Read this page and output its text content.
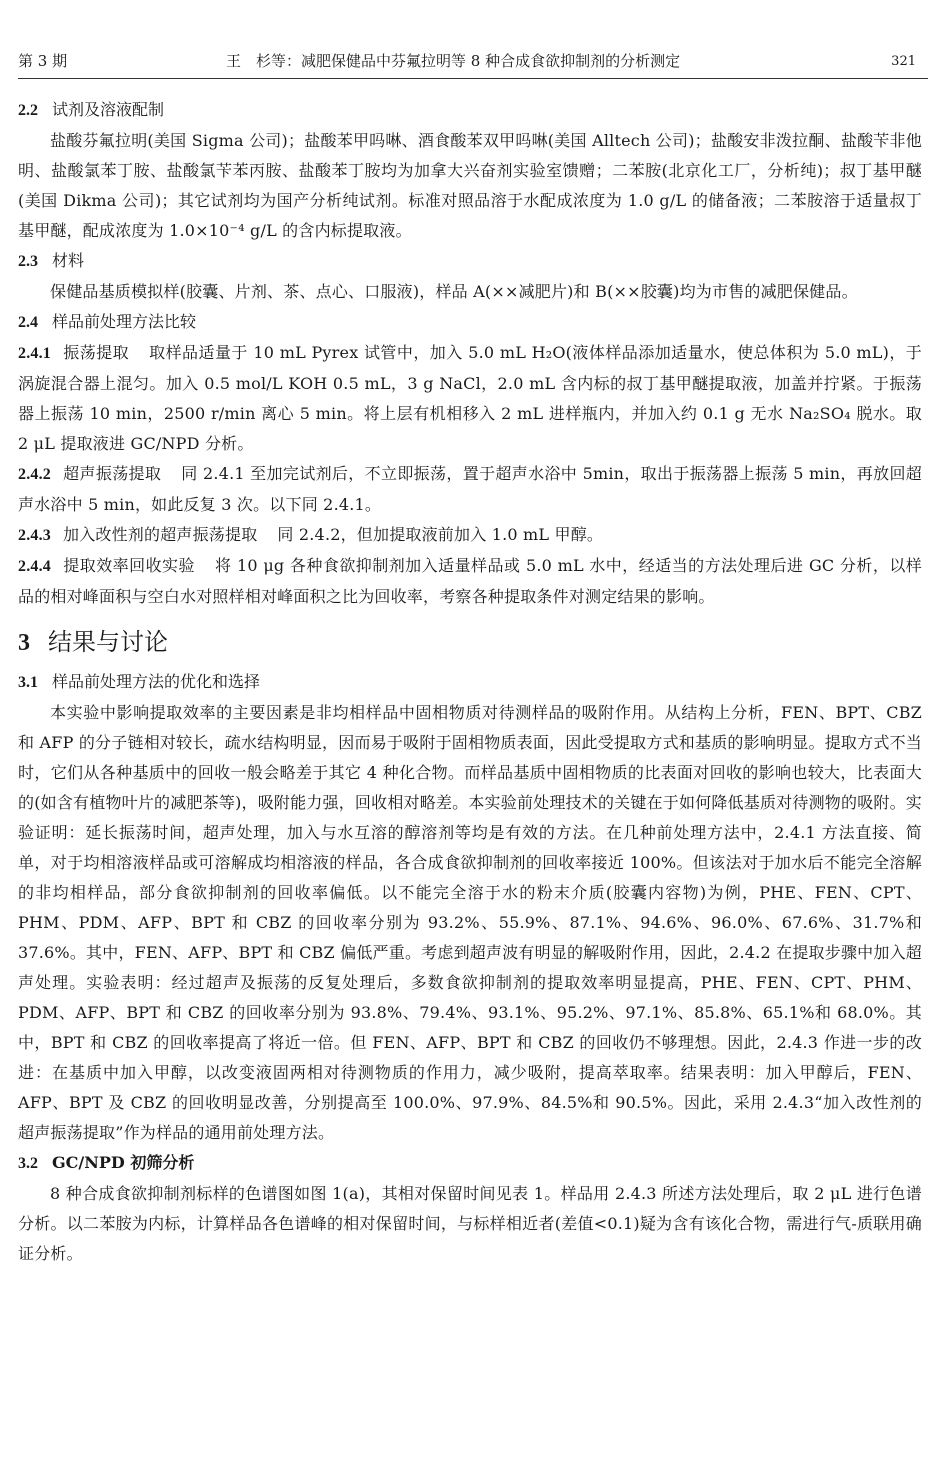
第 3 期	王　杉等：减肥保健品中芬氟拉明等 8 种合成食欲抑制剂的分析测定	321
2.2 试剂及溶液配制

盐酸芬氟拉明(美国 Sigma 公司)；盐酸苯甲吗啉、酒食酸苯双甲吗啉(美国 Alltech 公司)；盐酸安非泼拉酮、盐酸苄非他明、盐酸氯苯丁胺、盐酸氯苄苯丙胺、盐酸苯丁胺均为加拿大兴奋剂实验室馈赠；二苯胺(北京化工厂，分析纯)；叔丁基甲醚(美国 Dikma 公司)；其它试剂均为国产分析纯试剂。标准对照品溶于水配成浓度为 1.0 g/L 的储备液；二苯胺溶于适量叔丁基甲醚，配成浓度为 1.0×10⁻⁴ g/L 的含内标提取液。

2.3 材料

保健品基质模拟样(胶囊、片剂、茶、点心、口服液)，样品 A(××减肥片)和 B(××胶囊)均为市售的减肥保健品。

2.4 样品前处理方法比较

2.4.1 振荡提取 取样品适量于 10 mL Pyrex 试管中，加入 5.0 mL H₂O(液体样品添加适量水，使总体积为 5.0 mL)，于涡旋混合器上混匀。加入 0.5 mol/L KOH 0.5 mL，3 g NaCl，2.0 mL 含内标的叔丁基甲醚提取液，加盖并拧紧。于振荡器上振荡 10 min，2500 r/min 离心 5 min。将上层有机相移入 2 mL 进样瓶内，并加入约 0.1 g 无水 Na₂SO₄ 脱水。取 2 μL 提取液进 GC/NPD 分析。

2.4.2 超声振荡提取 同 2.4.1 至加完试剂后，不立即振荡，置于超声水浴中 5min，取出于振荡器上振荡 5 min，再放回超声水浴中 5 min，如此反复 3 次。以下同 2.4.1。

2.4.3 加入改性剂的超声振荡提取 同 2.4.2，但加提取液前加入 1.0 mL 甲醇。

2.4.4 提取效率回收实验 将 10 μg 各种食欲抑制剂加入适量样品或 5.0 mL 水中，经适当的方法处理后进 GC 分析，以样品的相对峰面积与空白水对照样相对峰面积之比为回收率，考察各种提取条件对测定结果的影响。

3 结果与讨论
3.1 样品前处理方法的优化和选择

本实验中影响提取效率的主要因素是非均相样品中固相物质对待测样品的吸附作用。从结构上分析，FEN、BPT、CBZ 和 AFP 的分子链相对较长，疏水结构明显，因而易于吸附于固相物质表面，因此受提取方式和基质的影响明显。提取方式不当时，它们从各种基质中的回收一般会略差于其它 4 种化合物。而样品基质中固相物质的比表面对回收的影响也较大，比表面大的(如含有植物叶片的减肥茶等)，吸附能力强，回收相对略差。本实验前处理技术的关键在于如何降低基质对待测物的吸附。实验证明：延长振荡时间，超声处理，加入与水互溶的醇溶剂等均是有效的方法。在几种前处理方法中，2.4.1 方法直接、简单，对于均相溶液样品或可溶解成均相溶液的样品，各合成食欲抑制剂的回收率接近 100%。但该法对于加水后不能完全溶解的非均相样品，部分食欲抑制剂的回收率偏低。以不能完全溶于水的粉末介质(胶囊内容物)为例，PHE、FEN、CPT、PHM、PDM、AFP、BPT 和 CBZ 的回收率分别为 93.2%、55.9%、87.1%、94.6%、96.0%、67.6%、31.7%和 37.6%。其中，FEN、AFP、BPT 和 CBZ 偏低严重。考虑到超声波有明显的解吸附作用，因此，2.4.2 在提取步骤中加入超声处理。实验表明：经过超声及振荡的反复处理后，多数食欲抑制剂的提取效率明显提高，PHE、FEN、CPT、PHM、PDM、AFP、BPT 和 CBZ 的回收率分别为 93.8%、79.4%、93.1%、95.2%、97.1%、85.8%、65.1%和 68.0%。其中，BPT 和 CBZ 的回收率提高了将近一倍。但 FEN、AFP、BPT 和 CBZ 的回收仍不够理想。因此，2.4.3 作进一步的改进：在基质中加入甲醇，以改变液固两相对待测物质的作用力，减少吸附，提高萃取率。结果表明：加入甲醇后，FEN、AFP、BPT 及 CBZ 的回收明显改善，分别提高至 100.0%、97.9%、84.5%和 90.5%。因此，采用 2.4.3“加入改性剂的超声振荡提取”作为样品的通用前处理方法。

3.2 GC/NPD 初筛分析

8 种合成食欲抑制剂标样的色谱图如图 1(a)，其相对保留时间见表 1。样品用 2.4.3 所述方法处理后，取 2 μL 进行色谱分析。以二苯胺为内标，计算样品各色谱峰的相对保留时间，与标样相近者(差值<0.1)疑为含有该化合物，需进行气-质联用确证分析。
